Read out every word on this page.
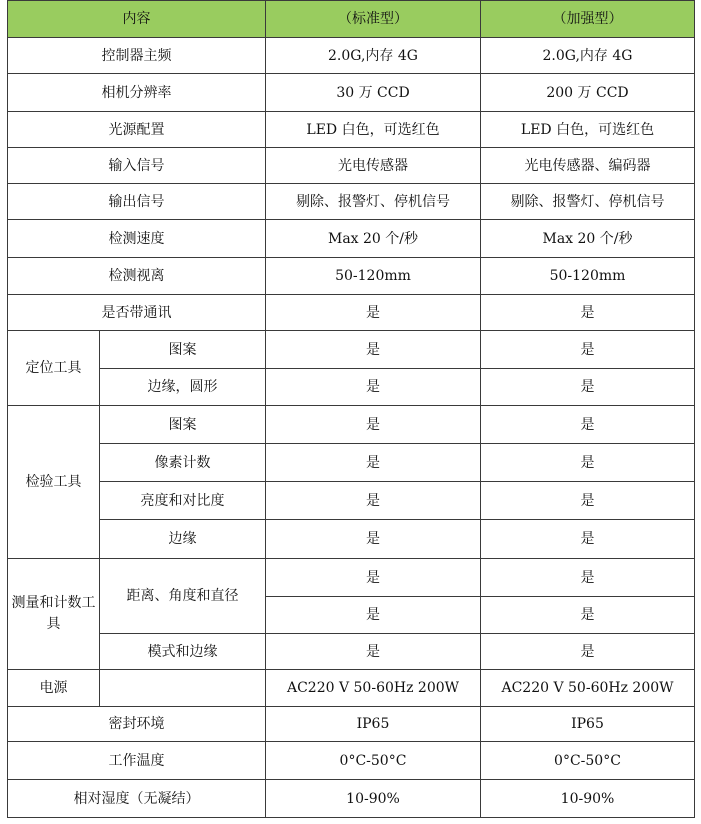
内容		（标准型）	（加强型）
控制器主频		2.0G,内存 4G	2.0G,内存 4G
相机分辨率		30 万 CCD	200 万 CCD
光源配置		LED 白色，可选红色	LED 白色，可选红色
输入信号		光电传感器	光电传感器、编码器
输出信号		剔除、报警灯、停机信号	剔除、报警灯、停机信号
检测速度		Max 20 个/秒	Max 20 个/秒
检测视离		50-120mm	50-120mm
是否带通讯		是	是
定位工具	图案	是	是
	边缘，圆形	是	是
检验工具	图案	是	是
	像素计数	是	是
	亮度和对比度	是	是
	边缘	是	是
测量和计数工具	距离、角度和直径	是	是
		是	是
	模式和边缘	是	是
电源		AC220 V 50-60Hz 200W	AC220 V 50-60Hz 200W
密封环境		IP65	IP65
工作温度		0°C-50°C	0°C-50°C
相对湿度（无凝结）		10-90%	10-90%
